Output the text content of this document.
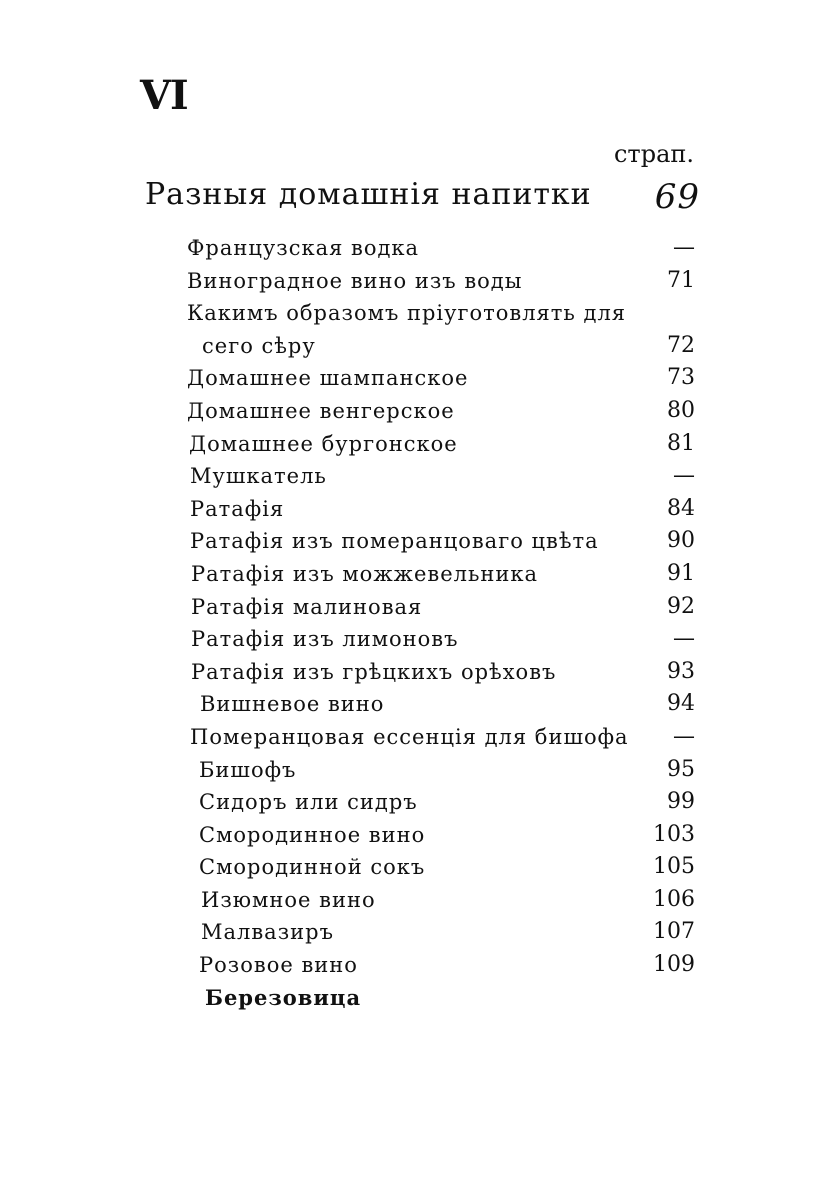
VI
страп.
Разныя домашнія напитки 69
Французская водка	—
Виноградное вино изъ воды	71
Какимъ образомъ пріуготовлять для
сего сѣру	72
Домашнее шампанское	73
Домашнее венгерское	80
Домашнее бургонское	81
Мушкатель	—
Ратафія	84
Ратафія изъ померанцоваго цвѣта	90
Ратафія изъ можжевельника	91
Ратафія малиновая	92
Ратафія изъ лимоновъ	—
Ратафія изъ грѣцкихъ орѣховъ	93
Вишневое вино	94
Померанцовая ессенція для бишофа —
Бишофъ	95
Сидоръ или сидръ	99
Смородинное вино	103
Смородинной сокъ	105
Изюмное вино	106
Малвазиръ	107
Розовое вино	109
Березовица
